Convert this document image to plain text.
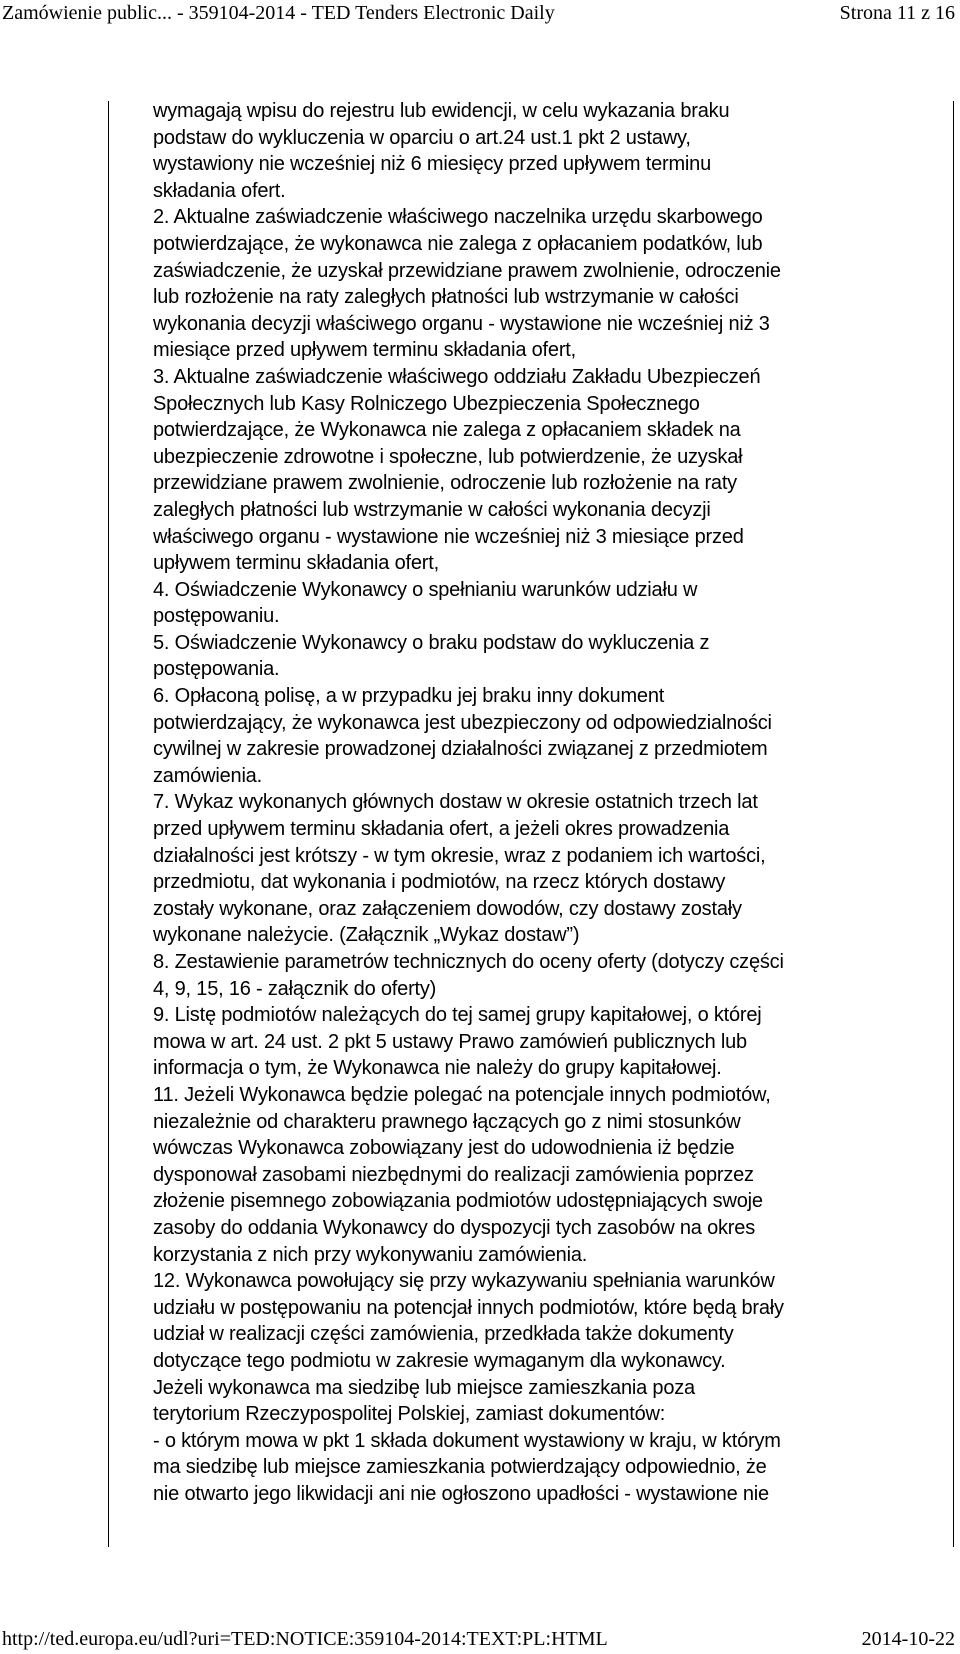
Zamówienie public... - 359104-2014 - TED Tenders Electronic Daily	Strona 11 z 16
wymagają wpisu do rejestru lub ewidencji, w celu wykazania braku
podstaw do wykluczenia w oparciu o art.24 ust.1 pkt 2 ustawy,
wystawiony nie wcześniej niż 6 miesięcy przed upływem terminu
składania ofert.
2. Aktualne zaświadczenie właściwego naczelnika urzędu skarbowego
potwierdzające, że wykonawca nie zalega z opłacaniem podatków, lub
zaświadczenie, że uzyskał przewidziane prawem zwolnienie, odroczenie
lub rozłożenie na raty zaległych płatności lub wstrzymanie w całości
wykonania decyzji właściwego organu - wystawione nie wcześniej niż 3
miesiące przed upływem terminu składania ofert,
3. Aktualne zaświadczenie właściwego oddziału Zakładu Ubezpieczeń
Społecznych lub Kasy Rolniczego Ubezpieczenia Społecznego
potwierdzające, że Wykonawca nie zalega z opłacaniem składek na
ubezpieczenie zdrowotne i społeczne, lub potwierdzenie, że uzyskał
przewidziane prawem zwolnienie, odroczenie lub rozłożenie na raty
zaległych płatności lub wstrzymanie w całości wykonania decyzji
właściwego organu - wystawione nie wcześniej niż 3 miesiące przed
upływem terminu składania ofert,
4. Oświadczenie Wykonawcy o spełnianiu warunków udziału w
postępowaniu.
5. Oświadczenie Wykonawcy o braku podstaw do wykluczenia z
postępowania.
6. Opłaconą polisę, a w przypadku jej braku inny dokument
potwierdzający, że wykonawca jest ubezpieczony od odpowiedzialności
cywilnej w zakresie prowadzonej działalności związanej z przedmiotem
zamówienia.
7. Wykaz wykonanych głównych dostaw w okresie ostatnich trzech lat
przed upływem terminu składania ofert, a jeżeli okres prowadzenia
działalności jest krótszy - w tym okresie, wraz z podaniem ich wartości,
przedmiotu, dat wykonania i podmiotów, na rzecz których dostawy
zostały wykonane, oraz załączeniem dowodów, czy dostawy zostały
wykonane należycie. (Załącznik „Wykaz dostaw”)
8. Zestawienie parametrów technicznych do oceny oferty (dotyczy części
4, 9, 15, 16 - załącznik do oferty)
9. Listę podmiotów należących do tej samej grupy kapitałowej, o której
mowa w art. 24 ust. 2 pkt 5 ustawy Prawo zamówień publicznych lub
informacja o tym, że Wykonawca nie należy do grupy kapitałowej.
11. Jeżeli Wykonawca będzie polegać na potencjale innych podmiotów,
niezależnie od charakteru prawnego łączących go z nimi stosunków
wówczas Wykonawca zobowiązany jest do udowodnienia iż będzie
dysponował zasobami niezbędnymi do realizacji zamówienia poprzez
złożenie pisemnego zobowiązania podmiotów udostępniających swoje
zasoby do oddania Wykonawcy do dyspozycji tych zasobów na okres
korzystania z nich przy wykonywaniu zamówienia.
12. Wykonawca powołujący się przy wykazywaniu spełniania warunków
udziału w postępowaniu na potencjał innych podmiotów, które będą brały
udział w realizacji części zamówienia, przedkłada także dokumenty
dotyczące tego podmiotu w zakresie wymaganym dla wykonawcy.
Jeżeli wykonawca ma siedzibę lub miejsce zamieszkania poza
terytorium Rzeczypospolitej Polskiej, zamiast dokumentów:
- o którym mowa w pkt 1 składa dokument wystawiony w kraju, w którym
ma siedzibę lub miejsce zamieszkania potwierdzający odpowiednio, że
nie otwarto jego likwidacji ani nie ogłoszono upadłości - wystawione nie
http://ted.europa.eu/udl?uri=TED:NOTICE:359104-2014:TEXT:PL:HTML	2014-10-22
